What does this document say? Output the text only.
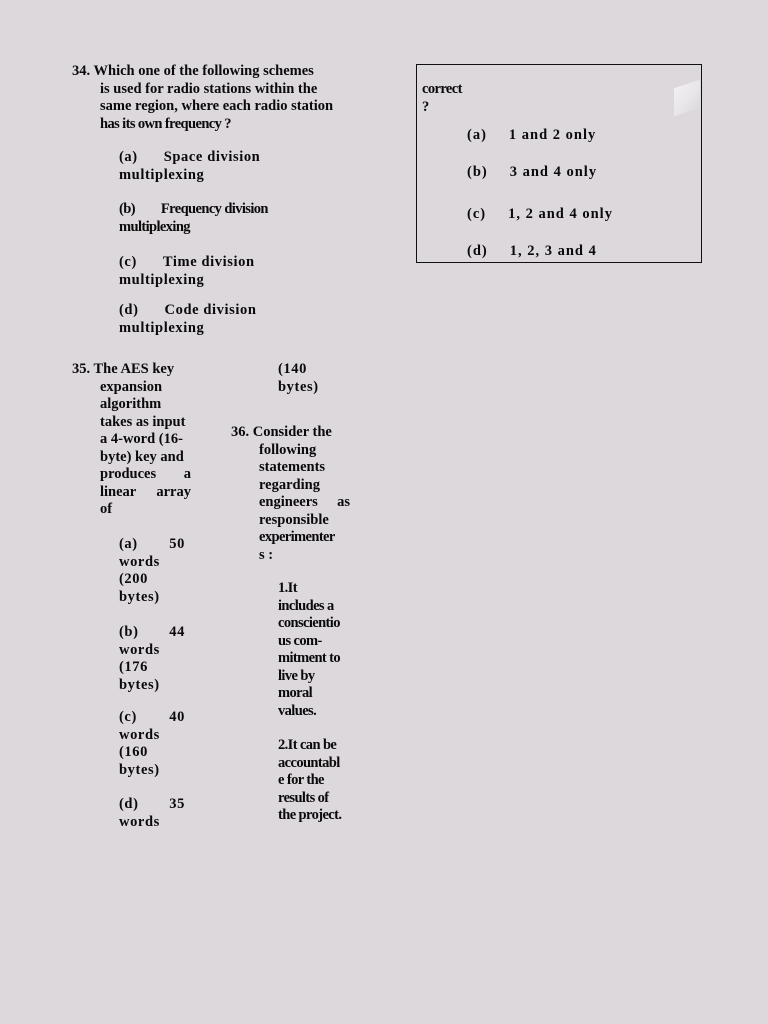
34. Which one of the following schemes
is used for radio stations within the
same region, where each radio station
has its own frequency ?
(a) Space division
multiplexing
(b) Frequency division
multiplexing
(c) Time division
multiplexing
(d) Code division
multiplexing
correct
?
(a) 1 and 2 only
(b) 3 and 4 only
(c) 1, 2 and 4 only
(d) 1, 2, 3 and 4
35. The AES key
expansion
algorithm
takes as input
a 4-word (16-
byte) key and
produces a
linear array
of
(a) 50
words
(200
bytes)
(b) 44
words
(176
bytes)
(c) 40
words
(160
bytes)
(d) 35
words
(140
bytes)
36. Consider the
following
statements
regarding
engineers as
responsible
experimenter
s :
1.It
includes a
conscientio
us com-
mitment to
live by
moral
values.
2.It can be
accountabl
e for the
results of
the project.
